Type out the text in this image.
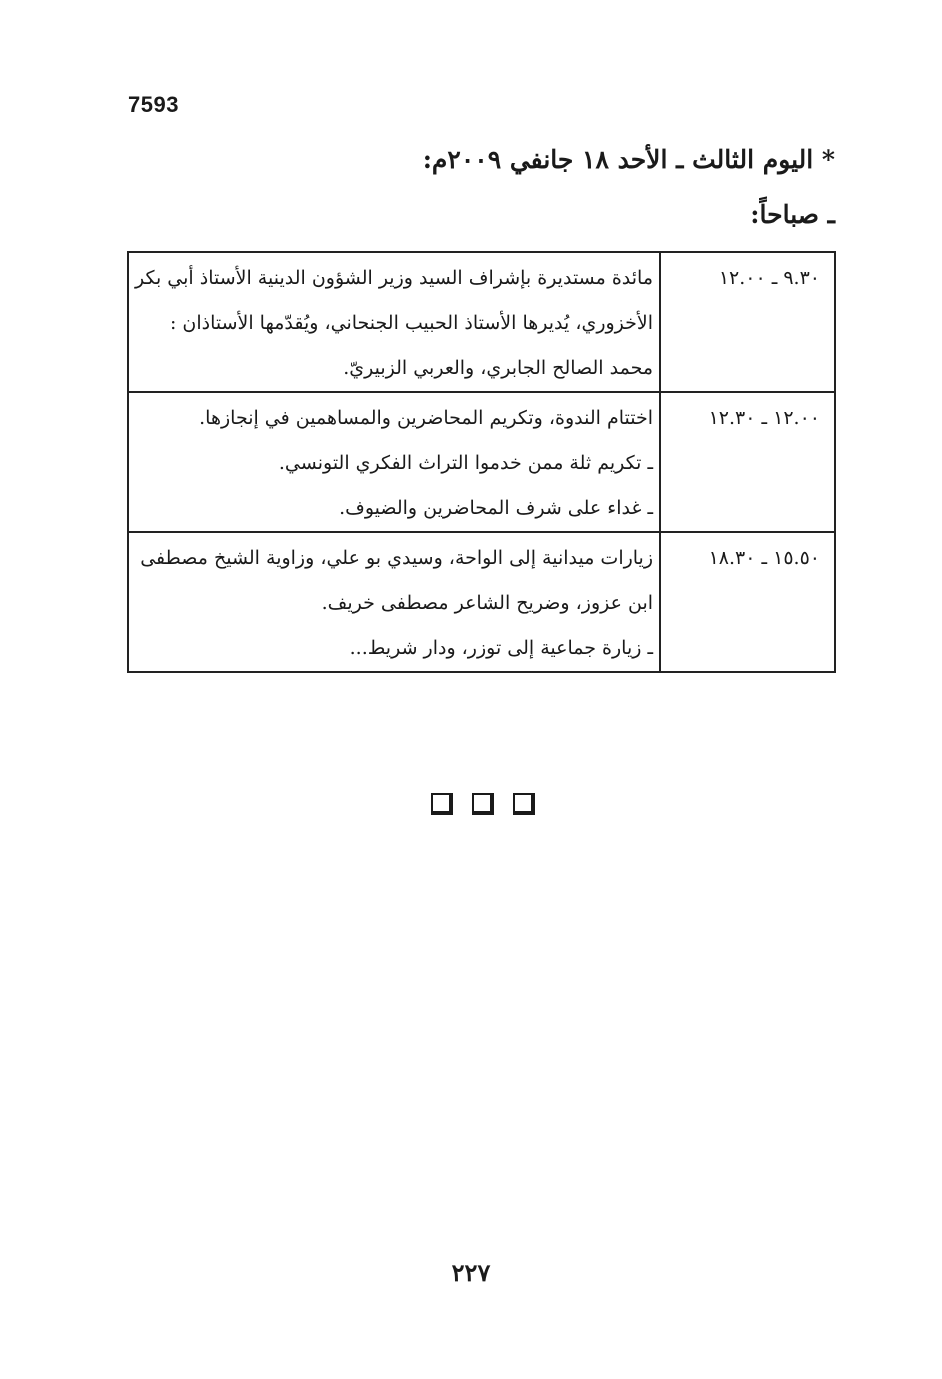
7593
* اليوم الثالث ـ الأحد ١٨ جانفي ٢٠٠٩م:
ـ صباحاً:
٩.٣٠ ـ ١٢.٠٠	مائدة مستديرة بإشراف السيد وزير الشؤون الدينية الأستاذ أبي بكر
الأخزوري، يُديرها الأستاذ الحبيب الجنحاني، ويُقدّمها الأستاذان :
محمد الصالح الجابري، والعربي الزبيريّ.

١٢.٠٠ ـ ١٢.٣٠	اختتام الندوة، وتكريم المحاضرين والمساهمين في إنجازها.
ـ تكريم ثلة ممن خدموا التراث الفكري التونسي.
ـ غداء على شرف المحاضرين والضيوف.

١٥.٥٠ ـ ١٨.٣٠	زيارات ميدانية إلى الواحة، وسيدي بو علي، وزاوية الشيخ مصطفى
ابن عزوز، وضريح الشاعر مصطفى خريف.
ـ زيارة جماعية إلى توزر، ودار شريط...
٢٢٧
